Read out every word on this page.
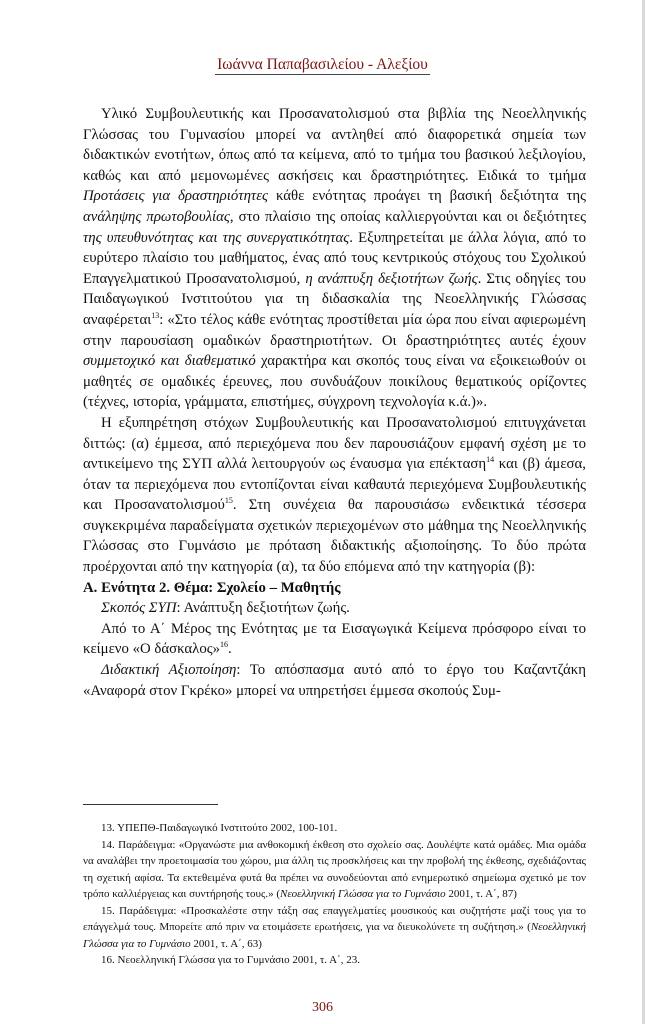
Ιωάννα Παπαβασιλείου - Αλεξίου

Υλικό Συμβουλευτικής και Προσανατολισμού στα βιβλία της Νεοελληνικής Γλώσσας του Γυμνασίου μπορεί να αντληθεί από διαφορετικά σημεία των διδακτικών ενοτήτων, όπως από τα κείμενα, από το τμήμα του βασικού λεξιλογίου, καθώς και από μεμονωμένες ασκήσεις και δραστηριότητες. Ειδικά το τμήμα Προτάσεις για δραστηριότητες κάθε ενότητας προάγει τη βασική δεξιότητα της ανάληψης πρωτοβουλίας, στο πλαίσιο της οποίας καλλιεργούνται και οι δεξιότητες της υπευθυνότητας και της συνεργατικότητας. Εξυπηρετείται με άλλα λόγια, από το ευρύτερο πλαίσιο του μαθήματος, ένας από τους κεντρικούς στόχους του Σχολικού Επαγγελματικού Προσανατολισμού, η ανάπτυξη δεξιοτήτων ζωής. Στις οδηγίες του Παιδαγωγικού Ινστιτούτου για τη διδασκαλία της Νεοελληνικής Γλώσσας αναφέρεται$^{13}$: «Στο τέλος κάθε ενότητας προστίθεται μία ώρα που είναι αφιερωμένη στην παρουσίαση ομαδικών δραστηριοτήτων. Οι δραστηριότητες αυτές έχουν συμμετοχικό και διαθεματικό χαρακτήρα και σκοπός τους είναι να εξοικειωθούν οι μαθητές σε ομαδικές έρευνες, που συνδυάζουν ποικίλους θεματικούς ορίζοντες (τέχνες, ιστορία, γράμματα, επιστήμες, σύγχρονη τεχνολογία κ.ά.)».

Η εξυπηρέτηση στόχων Συμβουλευτικής και Προσανατολισμού επιτυγχάνεται διττώς: (α) έμμεσα, από περιεχόμενα που δεν παρουσιάζουν εμφανή σχέση με το αντικείμενο της ΣΥΠ αλλά λειτουργούν ως έναυσμα για επέκταση$^{14}$ και (β) άμεσα, όταν τα περιεχόμενα που εντοπίζονται είναι καθαυτά περιεχόμενα Συμβουλευτικής και Προσανατολισμού$^{15}$. Στη συνέχεια θα παρουσιάσω ενδεικτικά τέσσερα συγκεκριμένα παραδείγματα σχετικών περιεχομένων στο μάθημα της Νεοελληνικής Γλώσσας στο Γυμνάσιο με πρόταση διδακτικής αξιοποίησης. Το δύο πρώτα προέρχονται από την κατηγορία (α), τα δύο επόμενα από την κατηγορία (β):

Α. Ενότητα 2. Θέμα: Σχολείο – Μαθητής

Σκοπός ΣΥΠ: Ανάπτυξη δεξιοτήτων ζωής.

Από το Α΄ Μέρος της Ενότητας με τα Εισαγωγικά Κείμενα πρόσφορο είναι το κείμενο «Ο δάσκαλος»$^{16}$.

Διδακτική Αξιοποίηση: Το απόσπασμα αυτό από το έργο του Καζαντζάκη «Αναφορά στον Γκρέκο» μπορεί να υπηρετήσει έμμεσα σκοπούς Συμ-

13. ΥΠΕΠΘ-Παιδαγωγικό Ινστιτούτο 2002, 100-101.

14. Παράδειγμα: «Οργανώστε μια ανθοκομική έκθεση στο σχολείο σας. Δουλέψτε κατά ομάδες. Μια ομάδα να αναλάβει την προετοιμασία του χώρου, μια άλλη τις προσκλήσεις και την προβολή της έκθεσης, σχεδιάζοντας τη σχετική αφίσα. Τα εκτεθειμένα φυτά θα πρέπει να συνοδεύονται από ενημερωτικό σημείωμα σχετικό με τον τρόπο καλλιέργειας και συντήρησής τους.» (Νεοελληνική Γλώσσα για το Γυμνάσιο 2001, τ. Α΄, 87)

15. Παράδειγμα: «Προσκαλέστε στην τάξη σας επαγγελματίες μουσικούς και συζητήστε μαζί τους για το επάγγελμά τους. Μπορείτε από πριν να ετοιμάσετε ερωτήσεις, για να διευκολύνετε τη συζήτηση.» (Νεοελληνική Γλώσσα για το Γυμνάσιο 2001, τ. Α΄, 63)

16. Νεοελληνική Γλώσσα για το Γυμνάσιο 2001, τ. Α΄, 23.

306
